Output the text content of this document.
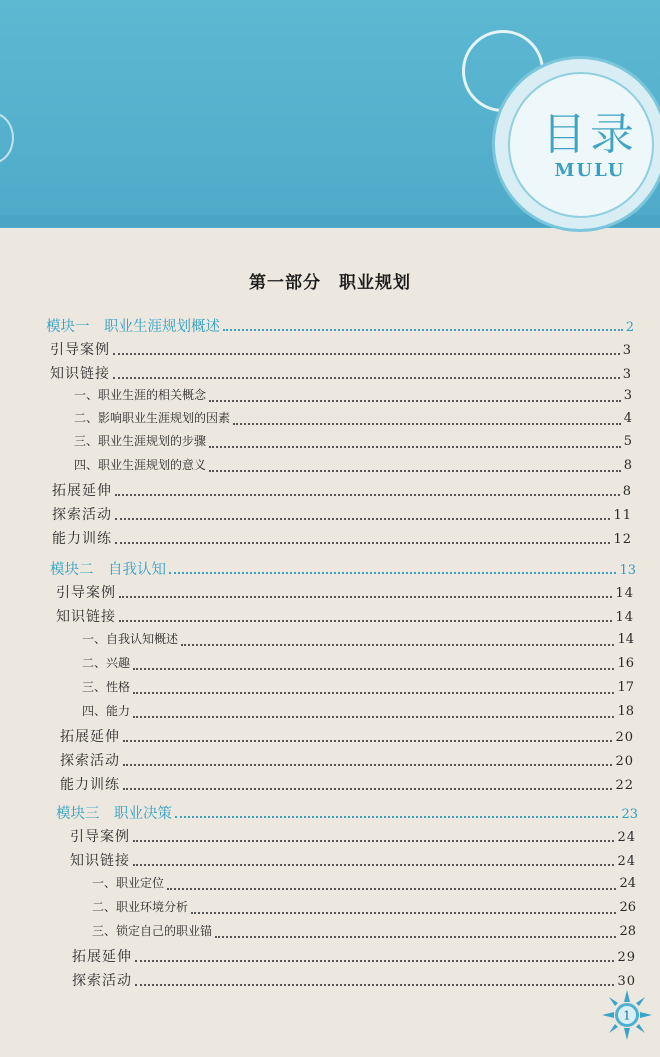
目录
MULU
第一部分　职业规划
模块一　职业生涯规划概述	2
引导案例	3
知识链接	3
一、职业生涯的相关概念	3
二、影响职业生涯规划的因素	4
三、职业生涯规划的步骤	5
四、职业生涯规划的意义	8
拓展延伸	8
探索活动	11
能力训练	12
模块二　自我认知	13
引导案例	14
知识链接	14
一、自我认知概述	14
二、兴趣	16
三、性格	17
四、能力	18
拓展延伸	20
探索活动	20
能力训练	22
模块三　职业决策	23
引导案例	24
知识链接	24
一、职业定位	24
二、职业环境分析	26
三、锁定自己的职业锚	28
拓展延伸	29
探索活动	30
1
